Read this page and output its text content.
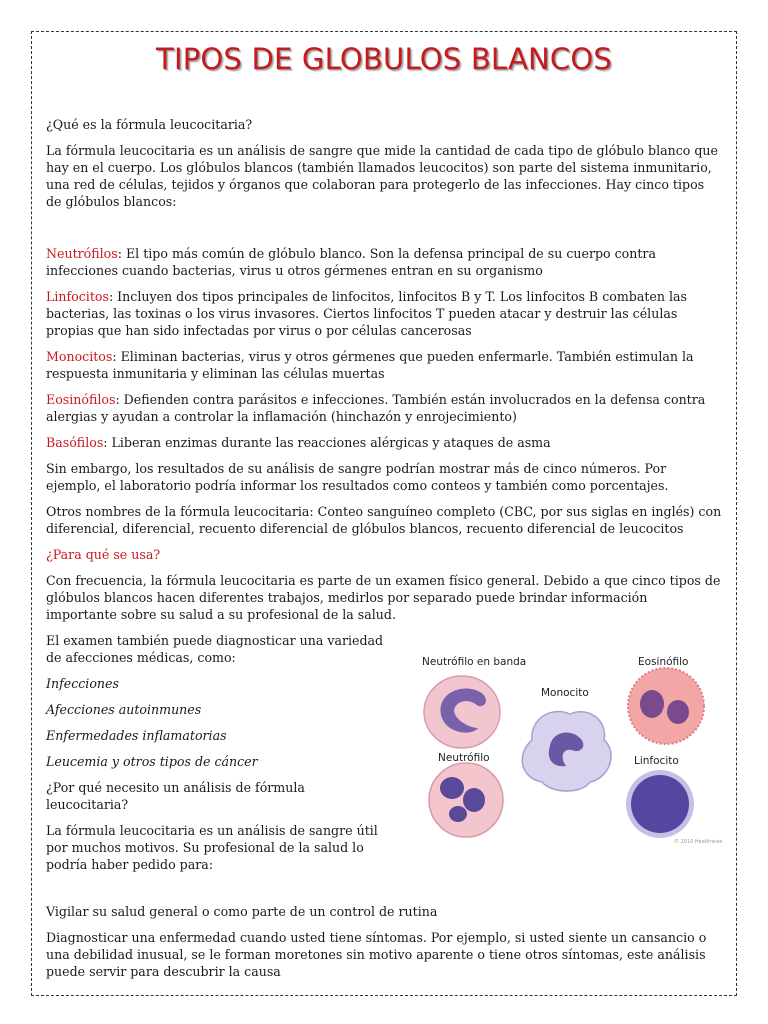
TIPOS DE GLOBULOS BLANCOS

¿Qué es la fórmula leucocitaria?

La fórmula leucocitaria es un análisis de sangre que mide la cantidad de cada tipo de glóbulo blanco que hay en el cuerpo. Los glóbulos blancos (también llamados leucocitos) son parte del sistema inmunitario, una red de células, tejidos y órganos que colaboran para protegerlo de las infecciones. Hay cinco tipos de glóbulos blancos:

Neutrófilos: El tipo más común de glóbulo blanco. Son la defensa principal de su cuerpo contra infecciones cuando bacterias, virus u otros gérmenes entran en su organismo

Linfocitos: Incluyen dos tipos principales de linfocitos, linfocitos B y T. Los linfocitos B combaten las bacterias, las toxinas o los virus invasores. Ciertos linfocitos T pueden atacar y destruir las células propias que han sido infectadas por virus o por células cancerosas

Monocitos: Eliminan bacterias, virus y otros gérmenes que pueden enfermarle. También estimulan la respuesta inmunitaria y eliminan las células muertas

Eosinófilos: Defienden contra parásitos e infecciones. También están involucrados en la defensa contra alergias y ayudan a controlar la inflamación (hinchazón y enrojecimiento)

Basófilos: Liberan enzimas durante las reacciones alérgicas y ataques de asma

Sin embargo, los resultados de su análisis de sangre podrían mostrar más de cinco números. Por ejemplo, el laboratorio podría informar los resultados como conteos y también como porcentajes.

Otros nombres de la fórmula leucocitaria: Conteo sanguíneo completo (CBC, por sus siglas en inglés) con diferencial, diferencial, recuento diferencial de glóbulos blancos, recuento diferencial de leucocitos

¿Para qué se usa?

Con frecuencia, la fórmula leucocitaria es parte de un examen físico general. Debido a que cinco tipos de glóbulos blancos hacen diferentes trabajos, medirlos por separado puede brindar información importante sobre su salud a su profesional de la salud.

El examen también puede diagnosticar una variedad de afecciones médicas, como:

Infecciones

Afecciones autoinmunes

Enfermedades inflamatorias

Leucemia y otros tipos de cáncer

¿Por qué necesito un análisis de fórmula leucocitaria?

La fórmula leucocitaria es un análisis de sangre útil por muchos motivos. Su profesional de la salud lo podría haber pedido para:

Neutrófilo en banda
Monocito
Eosinófilo
Neutrófilo	Linfocito
© 2010 Healthwise

Vigilar su salud general o como parte de un control de rutina

Diagnosticar una enfermedad cuando usted tiene síntomas. Por ejemplo, si usted siente un cansancio o una debilidad inusual, se le forman moretones sin motivo aparente o tiene otros síntomas, este análisis puede servir para descubrir la causa
